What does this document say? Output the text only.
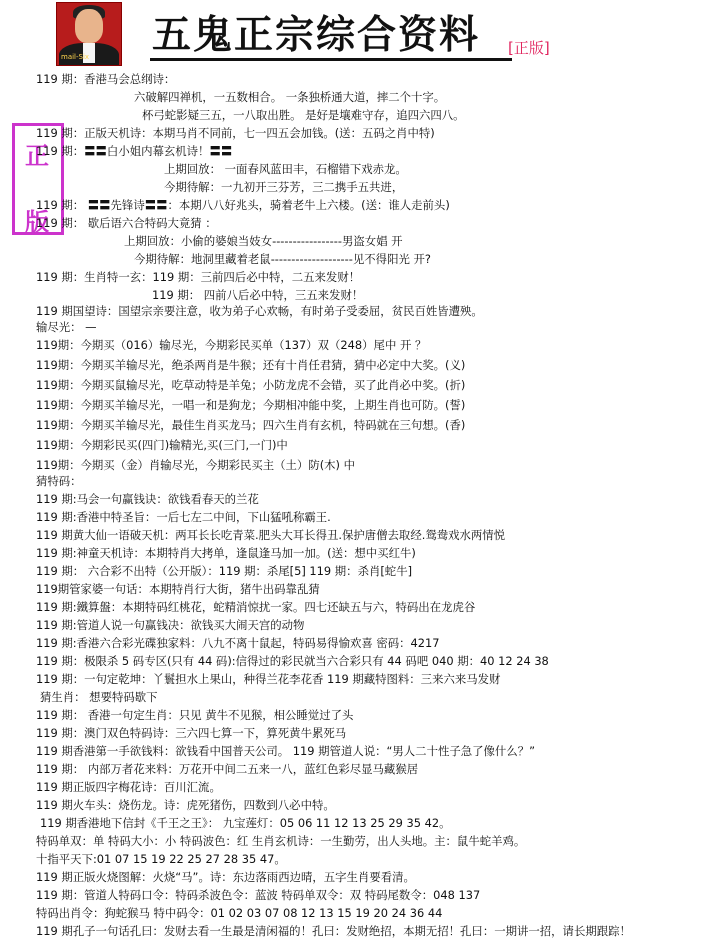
mail-Six 五鬼正宗综合资料 [正版]
正
版
119 期：香港马会总纲诗：
六破解四禅机，一五数相合。 一条独桥通大道，摔二个十字。
杯弓蛇影疑三五，一八取出胜。 是好是壤难守存，追四六四八。
119 期：正版天机诗：本期马肖不同前，七一四五会加钱。(送：五码之肖中特)
119 期：〓〓白小姐内幕玄机诗！〓〓
上期回放： 一面春风蓝田丰，石榴错下戏赤龙。
今期待解：一九初开三芬芳，三二携手五共进，
119 期： 〓〓先锋诗〓〓：本期八八好兆头，骑着老牛上六楼。(送：谁人走前头)
119 期： 歇后语六合特码大竟猜 ：
上期回放：小偷的婆娘当妓女-----------------男盗女娼 开
今期待解：地洞里藏着老鼠--------------------见不得阳光 开?
119 期：生肖特一玄：119 期：三前四后必中特，二五来发财！
119 期： 四前八后必中特，三五来发财！
119 期国望诗：国望宗亲要注意，收为弟子心欢畅，有时弟子受委屈，贫民百姓皆遭殃。
输尽光： —
119期：今期买（016）输尽光，今期彩民买单（137）双（248）尾中 开 ？
119期：今期买羊输尽光，绝杀两肖是牛猴；还有十肖任君猜，猜中必定中大奖。(义)
119期：今期买鼠输尽光，吃草动特是羊兔；小防龙虎不会错，买了此肖必中奖。(折)
119期：今期买羊输尽光，一唱一和是狗龙；今期相冲能中奖，上期生肖也可防。(誓)
119期：今期买羊输尽光，最佳生肖买龙马；四六生肖有玄机，特码就在三句想。(香)
119期：今期彩民买(四门)输精光,买(三门,一门)中
119期：今期买（金）肖输尽光，今期彩民买主（土）防(木) 中
猜特码：
119 期:马会一句赢钱诀：欲钱看春天的兰花
119 期:香港中特圣旨：一后七左二中间，下山猛吼称霸王.
119 期黄大仙一语破天机：两耳长长吃青菜.肥头大耳长得丑.保护唐僧去取经.鸳鸯戏水两情悦
119 期:神童天机诗：本期特肖大拷单，逢鼠逢马加一加。(送：想中买红牛)
119 期： 六合彩不出特（公开版）：119 期：杀尾[5] 119 期：杀肖[蛇牛]
119期管家婆一句话：本期特肖行大街，猪牛出码靠乱猜
119 期:鐵算盤：本期特码红桃花，蛇精消惊扰一家。四七还缺五与六，特码出在龙虎谷
119 期:管道人说一句赢钱决：欲钱买大闹天宫的动物
119 期:香港六合彩光碟独家料：八九不离十鼠起，特码易得愉欢喜 密码：4217
119 期：极限杀 5 码专区(只有 44 码):信得过的彩民就当六合彩只有 44 码吧 040 期：40 12 24 38
119 期：一句定乾坤：丫鬟担水上果山，种得兰花李花香 119 期藏特图料：三来六来马发财
猜生肖： 想要特码歇下
119 期： 香港一句定生肖：只见 黄牛不见猴，相公睡觉过了头
119 期：澳门双色特码诗：三六四七算一下，算死黄牛累死马
119 期香港第一手欲钱料：欲钱看中国普天公司。 119 期管道人说：“男人二十性子急了像什么？”
119 期： 内部万者花来料：万花开中间二五来一八，蓝红色彩尽显马藏猴居
119 期正版四字梅花诗：百川汇流。
119 期火车头：烧伤龙。诗：虎死猪伤，四数到八必中特。
119 期香港地下信封《千王之王》： 九宝莲灯：05 06 11 12 13 25 29 35 42。
特码单双：单 特码大小：小 特码波色：红 生肖玄机诗：一生勤劳，出人头地。主：鼠牛蛇羊鸡。
十指平天下:01 07 15 19 22 25 27 28 35 47。
119 期正版火烧图解：火烧“马”。诗：东边落雨西边晴，五字生肖要看清。
119 期：管道人特码口令：特码杀波色令：蓝波 特码单双令：双 特码尾数令：048 137
特码出肖令：狗蛇猴马 特中码令：01 02 03 07 08 12 13 15 19 20 24 36 44
119 期孔子一句话孔曰：发财去看一生最是清闲福的！孔曰：发财绝招，本期无招！孔曰：一期讲一招，请长期跟踪！
